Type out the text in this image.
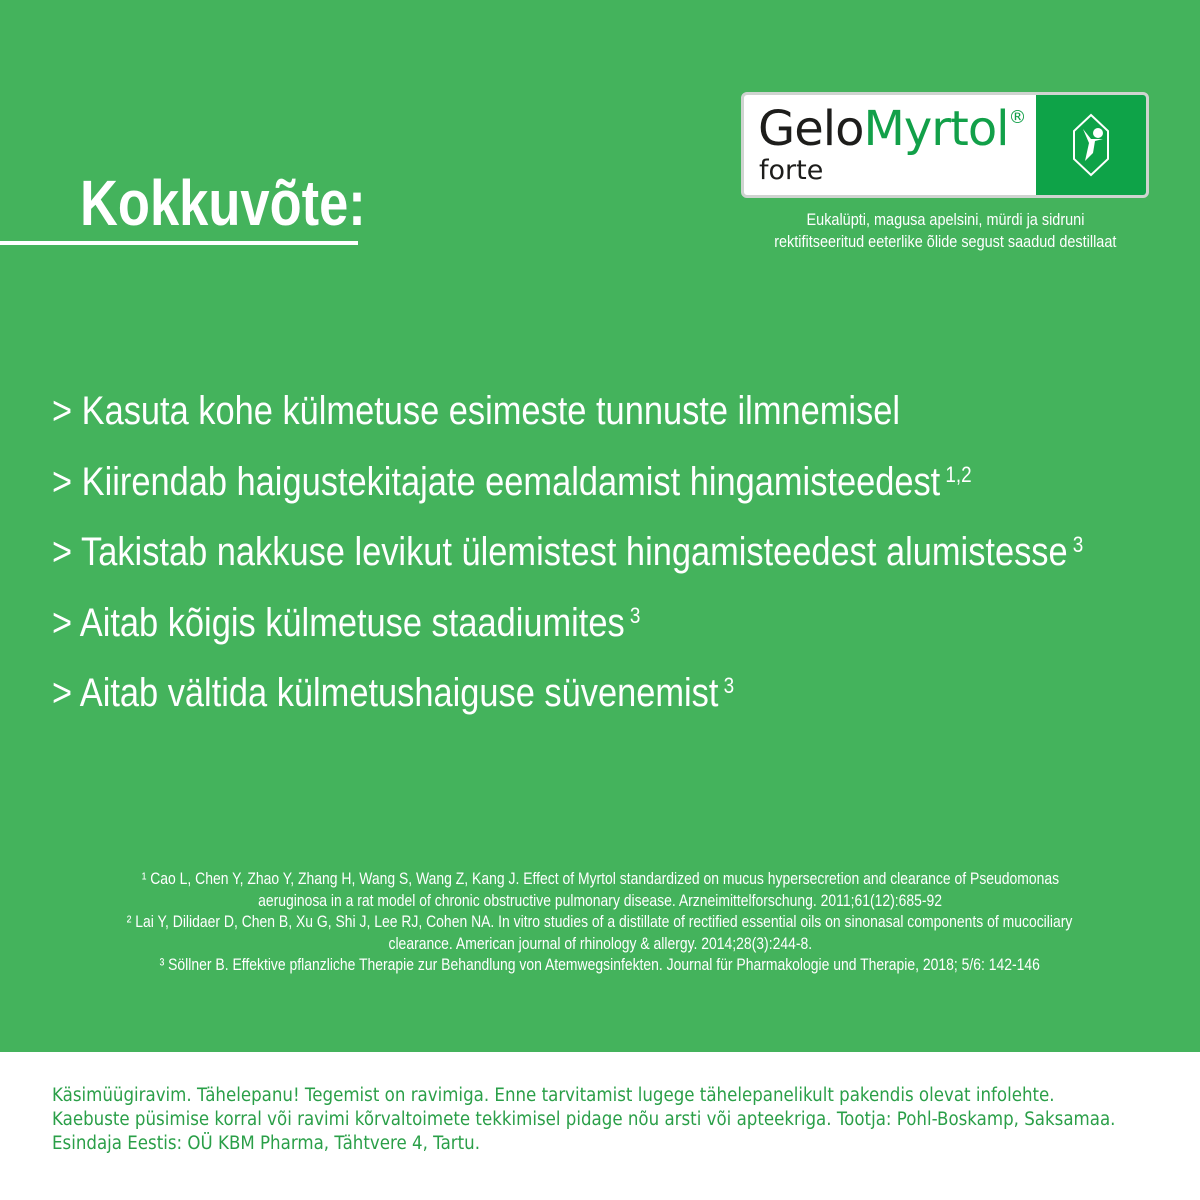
Kokkuvõte:
GeloMyrtol®
forte
Eukalüpti, magusa apelsini, mürdi ja sidruni
rektifitseeritud eeterlike õlide segust saadud destillaat
> Kasuta kohe külmetuse esimeste tunnuste ilmnemisel
> Kiirendab haigustekitajate eemaldamist hingamisteedest $^{1,2}$
> Takistab nakkuse levikut ülemistest hingamisteedest alumistesse $^3$
> Aitab kõigis külmetuse staadiumites $^3$
> Aitab vältida külmetushaiguse süvenemist $^3$
¹ Cao L, Chen Y, Zhao Y, Zhang H, Wang S, Wang Z, Kang J. Effect of Myrtol standardized on mucus hypersecretion and clearance of Pseudomonas
aeruginosa in a rat model of chronic obstructive pulmonary disease. Arzneimittelforschung. 2011;61(12):685-92
² Lai Y, Dilidaer D, Chen B, Xu G, Shi J, Lee RJ, Cohen NA. In vitro studies of a distillate of rectified essential oils on sinonasal components of mucociliary
clearance. American journal of rhinology & allergy. 2014;28(3):244-8.
³ Söllner B. Effektive pflanzliche Therapie zur Behandlung von Atemwegsinfekten. Journal für Pharmakologie und Therapie, 2018; 5/6: 142-146
Käsimüügiravim. Tähelepanu! Tegemist on ravimiga. Enne tarvitamist lugege tähelepanelikult pakendis olevat infolehte.
Kaebuste püsimise korral või ravimi kõrvaltoimete tekkimisel pidage nõu arsti või apteekriga. Tootja: Pohl-Boskamp, Saksamaa.
Esindaja Eestis: OÜ KBM Pharma, Tähtvere 4, Tartu.
